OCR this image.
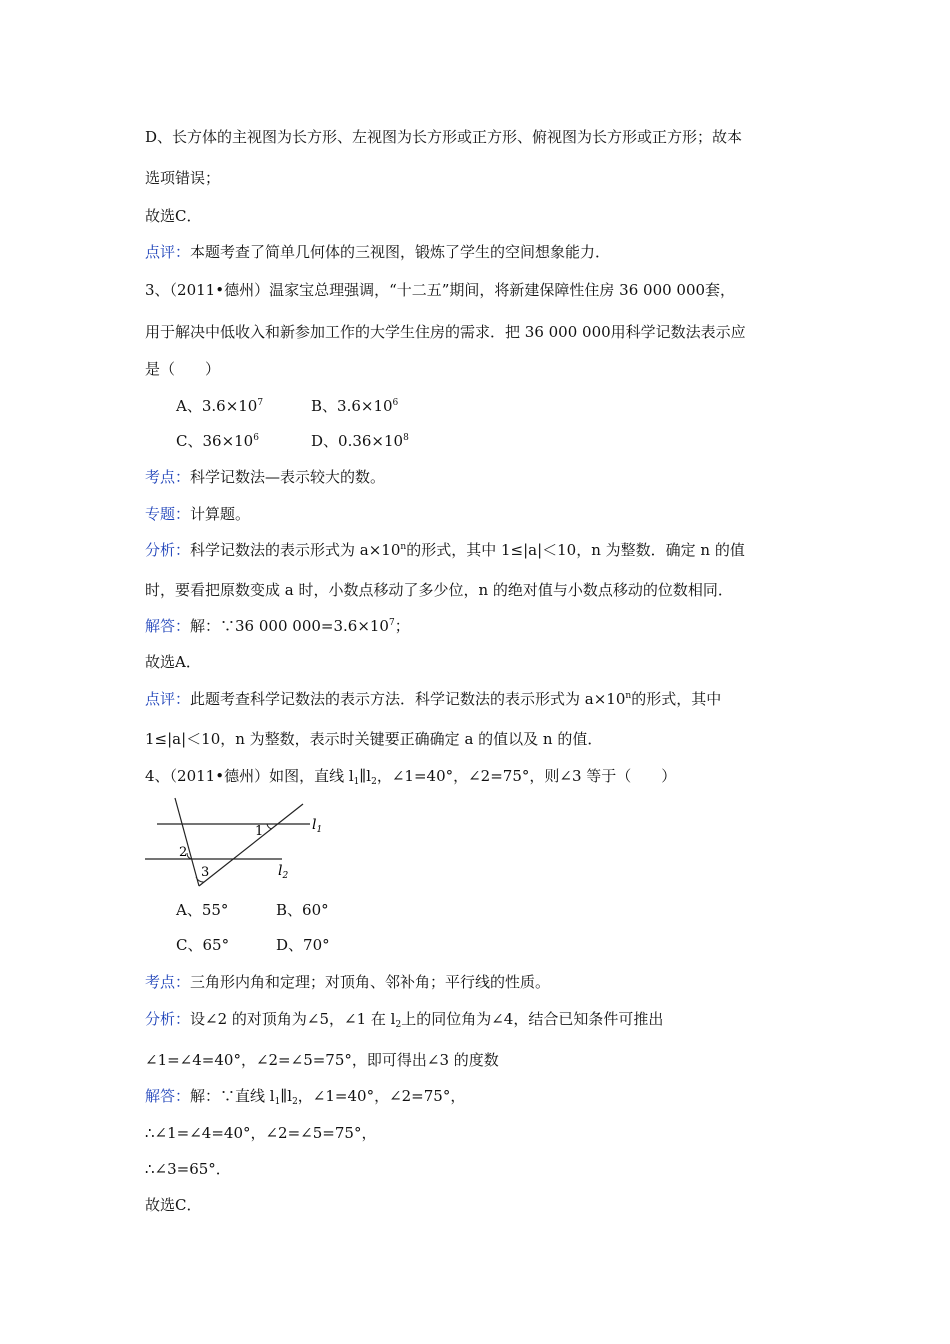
D、长方体的主视图为长方形、左视图为长方形或正方形、俯视图为长方形或正方形；故本
选项错误；
故选C．
点评：本题考查了简单几何体的三视图，锻炼了学生的空间想象能力．
3、（2011•德州）温家宝总理强调，“十二五”期间，将新建保障性住房 36 000 000套，
用于解决中低收入和新参加工作的大学生住房的需求．把 36 000 000用科学记数法表示应
是（　　）
A、$3.6\times 10^7$	B、$3.6\times 10^6$
C、$36\times 10^6$	D、$0.36\times 10^8$
考点：科学记数法—表示较大的数。
专题：计算题。
分析：科学记数法的表示形式为 $a\times 10^n$的形式，其中 1≤|a|＜10，n 为整数．确定 n 的值
时，要看把原数变成 a 时，小数点移动了多少位，n 的绝对值与小数点移动的位数相同．
解答：解：∵36 000 $000=3.6\times 10^7$；
故选A．
点评：此题考查科学记数法的表示方法．科学记数法的表示形式为 $a\times 10^n$的形式，其中
1≤|a|＜10，n 为整数，表示时关键要正确确定 a 的值以及 n 的值．
4、（2011•德州）如图，直线 $l_1\parallel l_2$，∠1=40°，∠2=75°，则∠3 等于（　　）
1
2
3
$l_1$
$l_2$
A、55°	B、60°
C、65°	D、70°
考点：三角形内角和定理；对顶角、邻补角；平行线的性质。
分析：设∠2 的对顶角为∠5，∠1 在 $l_2$上的同位角为∠4，结合已知条件可推出
∠1=∠4=40°，∠2=∠5=75°，即可得出∠3 的度数
解答：解：∵直线 $l_1\parallel l_2$，∠1=40°，∠2=75°，
∴∠1=∠4=40°，∠2=∠5=75°，
∴∠3=65°．
故选C．
